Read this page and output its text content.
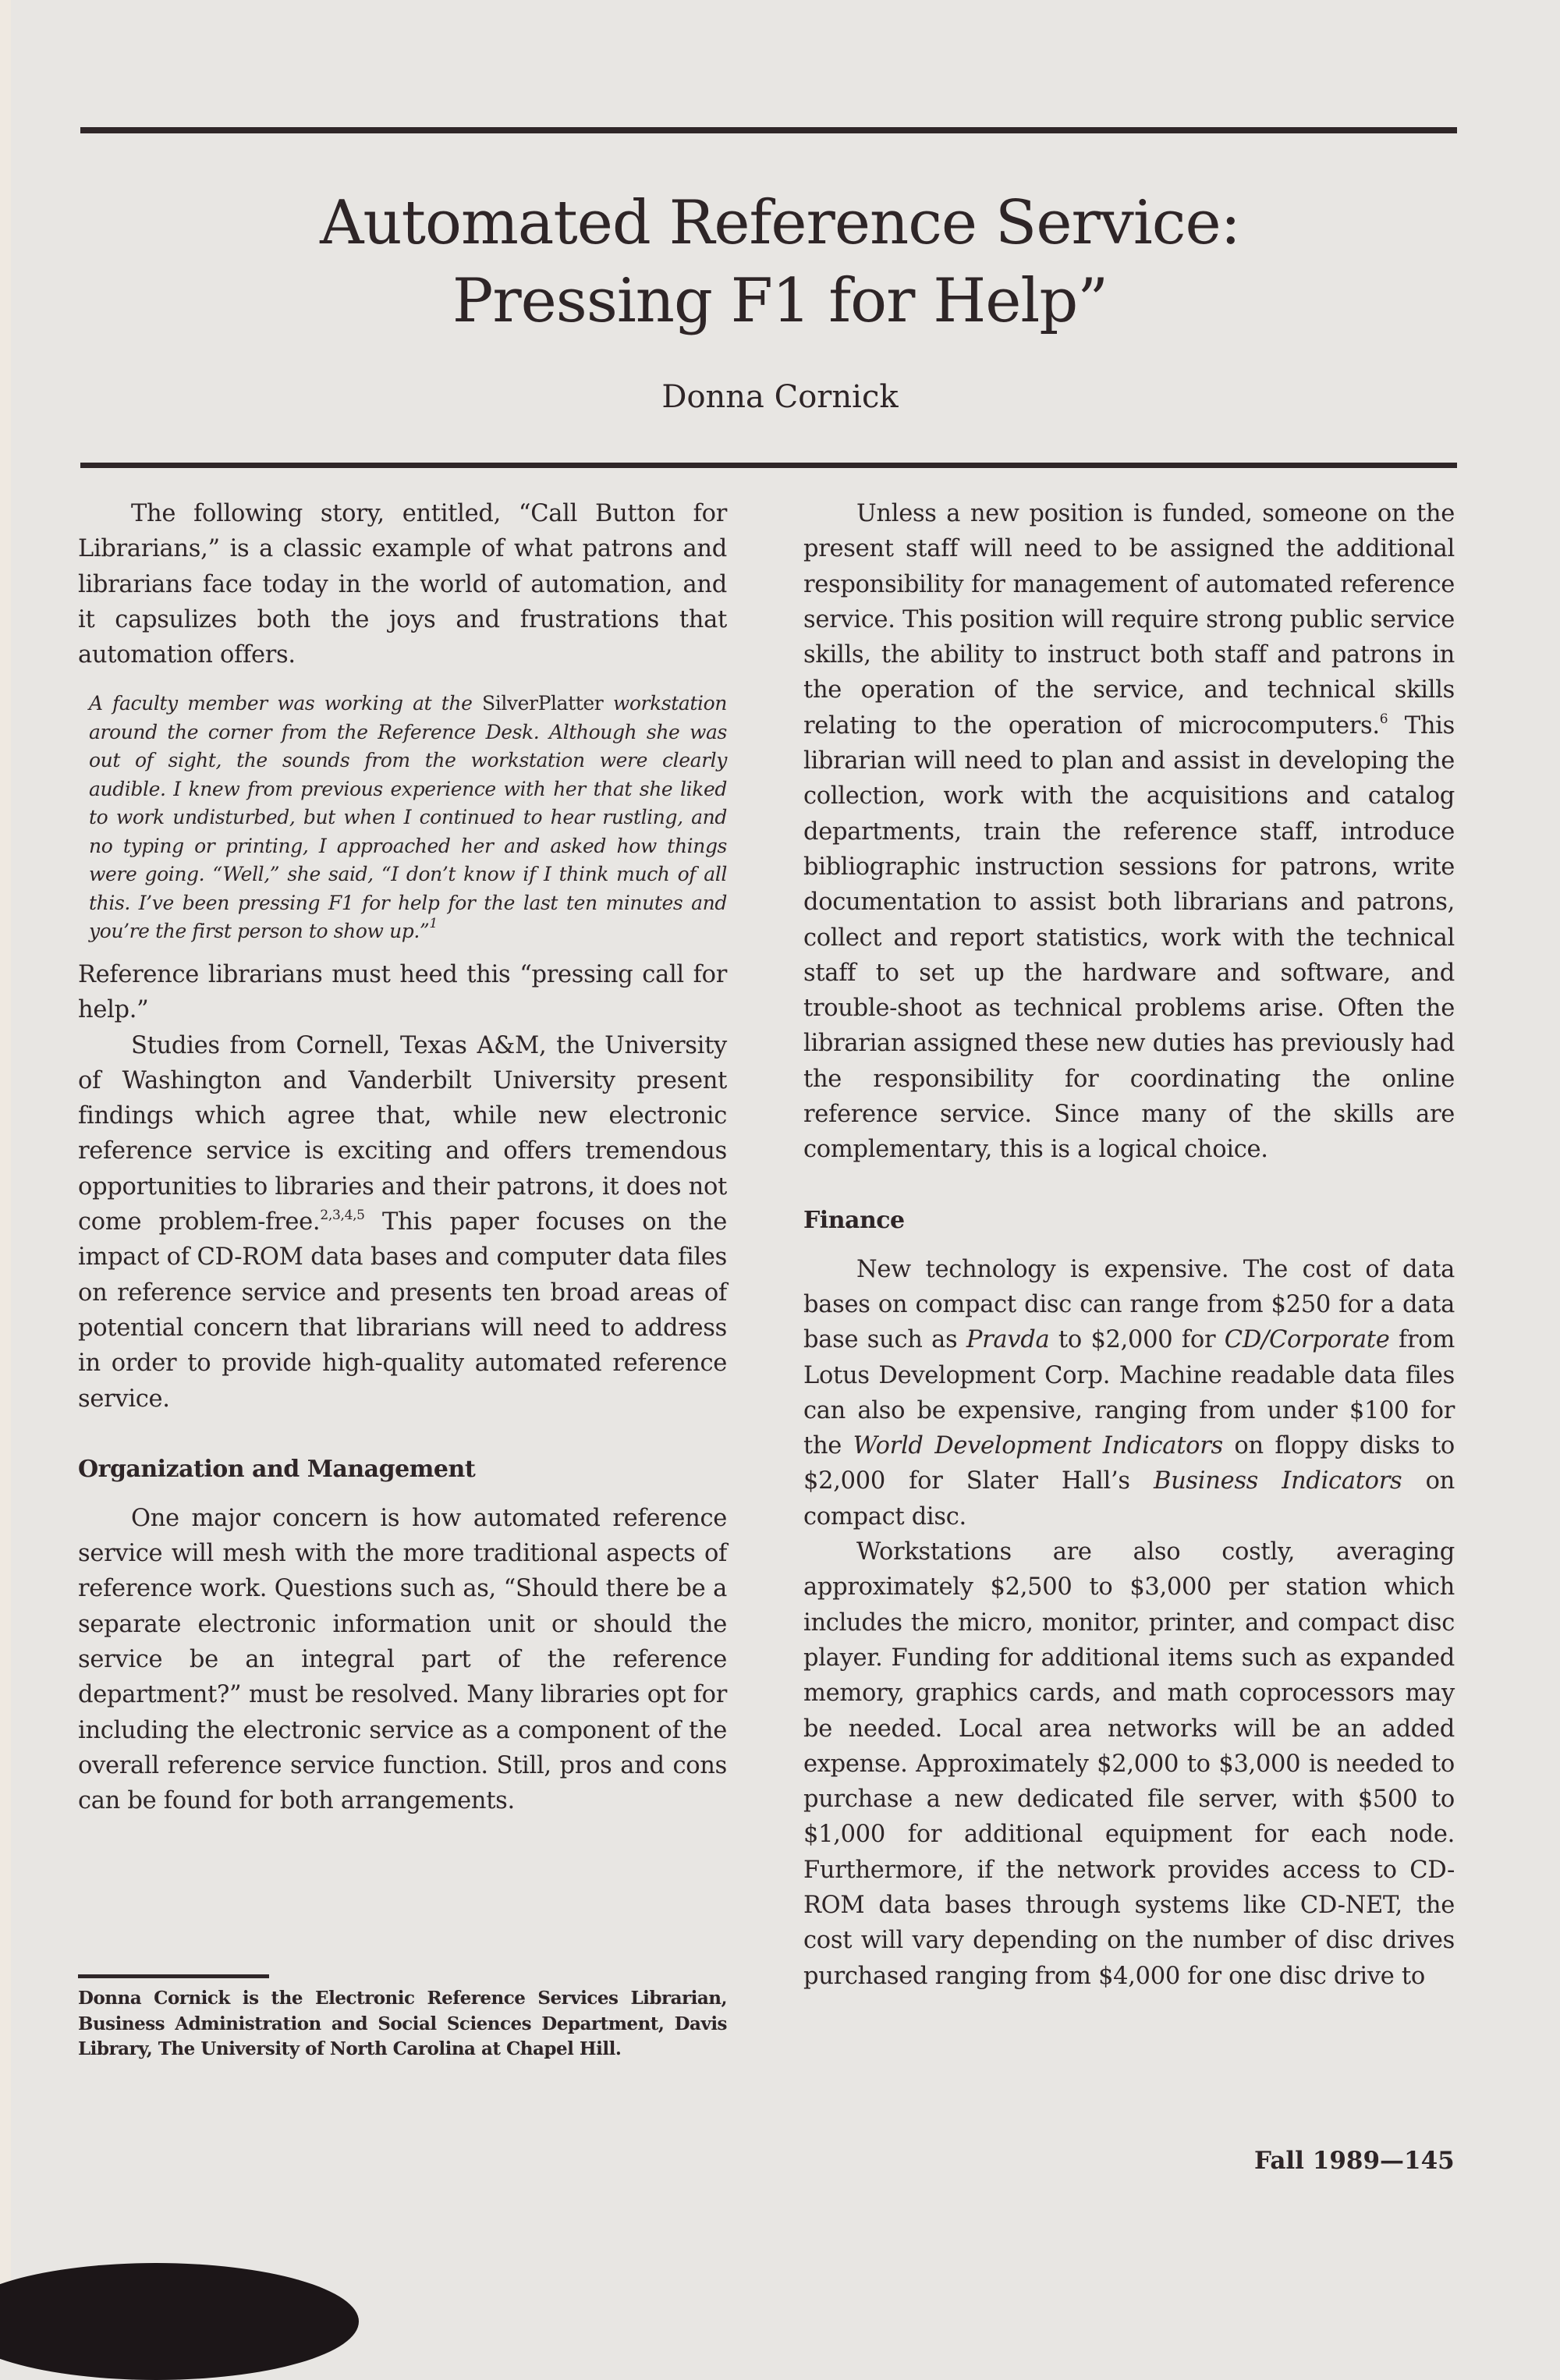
Automated Reference Service:
Pressing F1 for Help”

Donna Cornick

The following story, entitled, “Call Button for Librarians,” is a classic example of what patrons and librarians face today in the world of automation, and it capsulizes both the joys and frustrations that automation offers.

A faculty member was working at the SilverPlatter workstation around the corner from the Reference Desk. Although she was out of sight, the sounds from the workstation were clearly audible. I knew from previous experience with her that she liked to work undisturbed, but when I continued to hear rustling, and no typing or printing, I approached her and asked how things were going. “Well,” she said, “I don’t know if I think much of all this. I’ve been pressing F1 for help for the last ten minutes and you’re the first person to show up.”$^1$

Reference librarians must heed this “pressing call for help.”

Studies from Cornell, Texas A&M, the University of Washington and Vanderbilt University present findings which agree that, while new electronic reference service is exciting and offers tremendous opportunities to libraries and their patrons, it does not come problem-free.$^{2,3,4,5}$ This paper focuses on the impact of CD-ROM data bases and computer data files on reference service and presents ten broad areas of potential concern that librarians will need to address in order to provide high-quality automated reference service.

Organization and Management

One major concern is how automated reference service will mesh with the more traditional aspects of reference work. Questions such as, “Should there be a separate electronic information unit or should the service be an integral part of the reference department?” must be resolved. Many libraries opt for including the electronic service as a component of the overall reference service function. Still, pros and cons can be found for both arrangements.

Unless a new position is funded, someone on the present staff will need to be assigned the additional responsibility for management of automated reference service. This position will require strong public service skills, the ability to instruct both staff and patrons in the operation of the service, and technical skills relating to the operation of microcomputers.$^6$ This librarian will need to plan and assist in developing the collection, work with the acquisitions and catalog departments, train the reference staff, introduce bibliographic instruction sessions for patrons, write documentation to assist both librarians and patrons, collect and report statistics, work with the technical staff to set up the hardware and software, and trouble-shoot as technical problems arise. Often the librarian assigned these new duties has previously had the responsibility for coordinating the online reference service. Since many of the skills are complementary, this is a logical choice.

Finance

New technology is expensive. The cost of data bases on compact disc can range from $250 for a data base such as Pravda to $2,000 for CD/Corporate from Lotus Development Corp. Machine readable data files can also be expensive, ranging from under $100 for the World Development Indicators on floppy disks to $2,000 for Slater Hall’s Business Indicators on compact disc.

Workstations are also costly, averaging approximately $2,500 to $3,000 per station which includes the micro, monitor, printer, and compact disc player. Funding for additional items such as expanded memory, graphics cards, and math coprocessors may be needed. Local area networks will be an added expense. Approximately $2,000 to $3,000 is needed to purchase a new dedicated file server, with $500 to $1,000 for additional equipment for each node. Furthermore, if the network provides access to CD-ROM data bases through systems like CD-NET, the cost will vary depending on the number of disc drives purchased ranging from $4,000 for one disc drive to

Donna Cornick is the Electronic Reference Services Librarian, Business Administration and Social Sciences Department, Davis Library, The University of North Carolina at Chapel Hill.

Fall 1989—145
